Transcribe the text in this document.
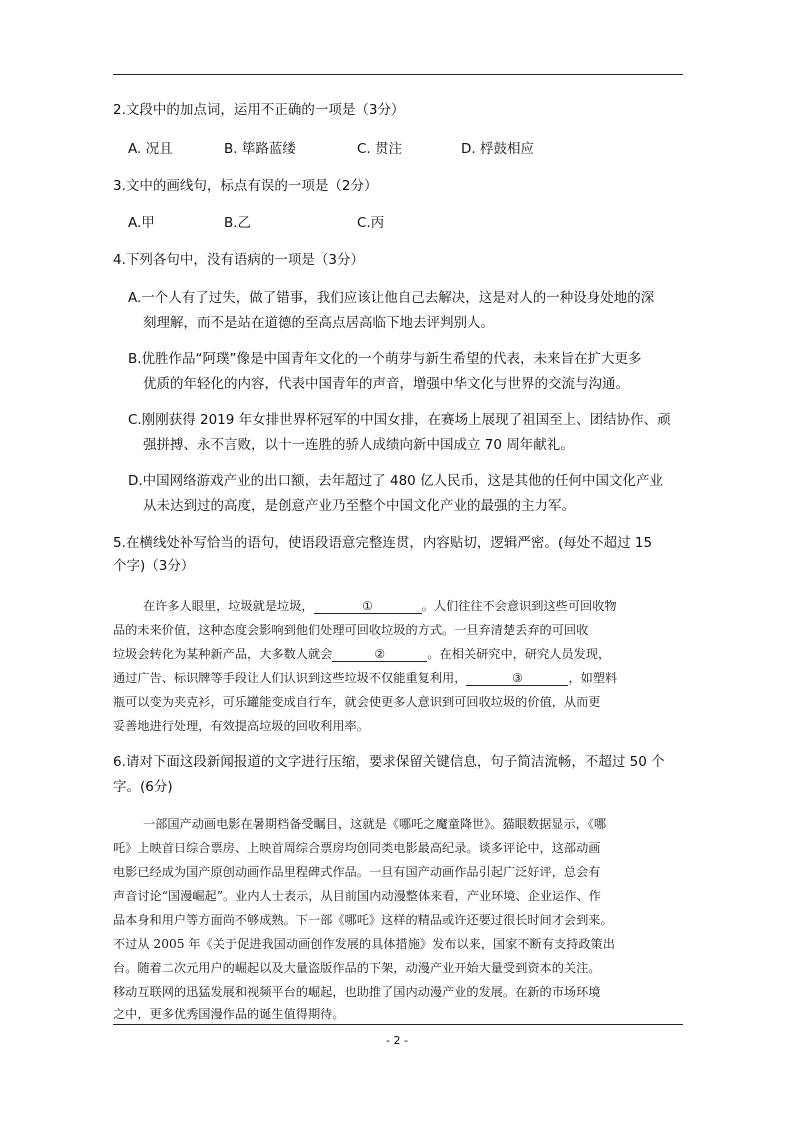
2.文段中的加点词，运用不正确的一项是（3分）
A. 况且	B. 筚路蓝缕	C. 贯注	D. 桴鼓相应
3.文中的画线句，标点有误的一项是（2分）
A.甲	B.乙	C.丙
4.下列各句中，没有语病的一项是（3分）
A.一个人有了过失，做了错事，我们应该让他自己去解决，这是对人的一种设身处地的深
刻理解，而不是站在道德的至高点居高临下地去评判别人。
B.优胜作品“阿璞”像是中国青年文化的一个萌芽与新生希望的代表，未来旨在扩大更多
优质的年轻化的内容，代表中国青年的声音，增强中华文化与世界的交流与沟通。
C.刚刚获得 2019 年女排世界杯冠军的中国女排，在赛场上展现了祖国至上、团结协作、顽
强拼搏、永不言败，以十一连胜的骄人成绩向新中国成立 70 周年献礼。
D.中国网络游戏产业的出口额，去年超过了 480 亿人民币，这是其他的任何中国文化产业
从未达到过的高度，是创意产业乃至整个中国文化产业的最强的主力军。
5.在横线处补写恰当的语句，使语段语意完整连贯，内容贴切，逻辑严密。(每处不超过 15
个字)（3分）
在许多人眼里，垃圾就是垃圾，	①	。人们往往不会意识到这些可回收物
品的未来价值，这种态度会影响到他们处理可回收垃圾的方式。一旦弃清楚丢弃的可回收
垃圾会转化为某种新产品，大多数人就会	②	。在相关研究中，研究人员发现，
通过广告、标识牌等手段让人们认识到这些垃圾不仅能重复利用，	③	，如塑料
瓶可以变为夹克衫，可乐罐能变成自行车，就会使更多人意识到可回收垃圾的价值，从而更
妥善地进行处理，有效提高垃圾的回收利用率。
6.请对下面这段新闻报道的文字进行压缩，要求保留关键信息，句子简洁流畅，不超过 50 个
字。(6分)
一部国产动画电影在暑期档备受瞩目，这就是《哪吒之魔童降世》。猫眼数据显示，《哪
吒》上映首日综合票房、上映首周综合票房均创同类电影最高纪录。谈多评论中，这部动画
电影已经成为国产原创动画作品里程碑式作品。一旦有国产动画作品引起广泛好评，总会有
声音讨论“国漫崛起”。业内人士表示，从目前国内动漫整体来看，产业环境、企业运作、作
品本身和用户等方面尚不够成熟。下一部《哪吒》这样的精品或许还要过很长时间才会到来。
不过从 2005 年《关于促进我国动画创作发展的具体措施》发布以来，国家不断有支持政策出
台。随着二次元用户的崛起以及大量盗版作品的下架，动漫产业开始大量受到资本的关注。
移动互联网的迅猛发展和视频平台的崛起，也助推了国内动漫产业的发展。在新的市场环境
之中，更多优秀国漫作品的诞生值得期待。
- 2 -
